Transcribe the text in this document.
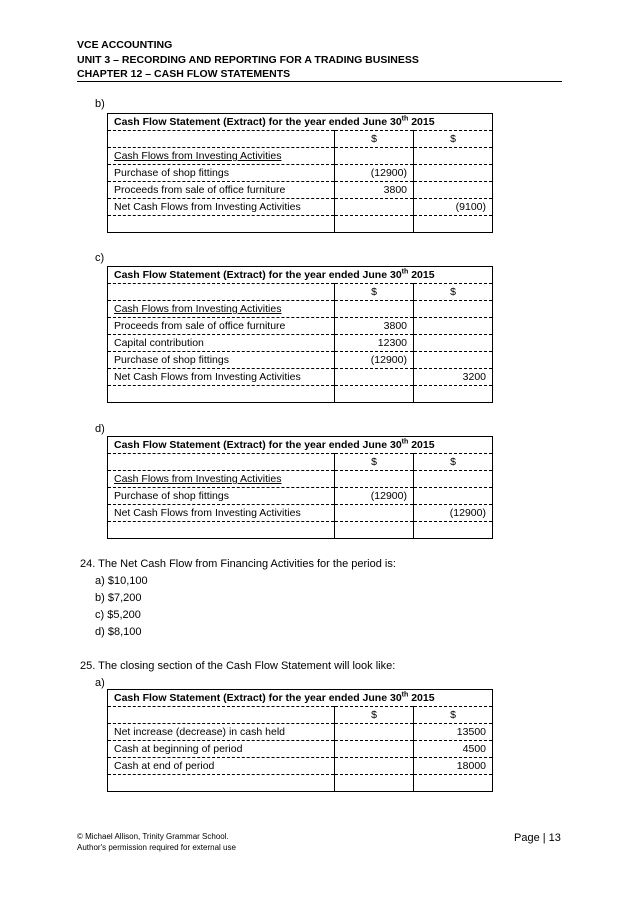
VCE ACCOUNTING
UNIT 3 – RECORDING AND REPORTING FOR A TRADING BUSINESS
CHAPTER 12 – CASH FLOW STATEMENTS
b)
Cash Flow Statement (Extract) for the year ended June 30th 2015		
	$	$
Cash Flows from Investing Activities		
Purchase of shop fittings	(12900)	
Proceeds from sale of office furniture	3800	
Net Cash Flows from Investing Activities		(9100)

c)
Cash Flow Statement (Extract) for the year ended June 30th 2015		
	$	$
Cash Flows from Investing Activities		
Proceeds from sale of office furniture	3800	
Capital contribution	12300	
Purchase of shop fittings	(12900)	
Net Cash Flows from Investing Activities		3200

d)
Cash Flow Statement (Extract) for the year ended June 30th 2015		
	$	$
Cash Flows from Investing Activities		
Purchase of shop fittings	(12900)	
Net Cash Flows from Investing Activities		(12900)

24. The Net Cash Flow from Financing Activities for the period is:
a) $10,100
b) $7,200
c) $5,200
d) $8,100
25. The closing section of the Cash Flow Statement will look like:
a)
Cash Flow Statement (Extract) for the year ended June 30th 2015		
	$	$
Net increase (decrease) in cash held		13500
Cash at beginning of period		4500
Cash at end of period		18000

© Michael Allison, Trinity Grammar School.
Author's permission required for external use
Page | 13
